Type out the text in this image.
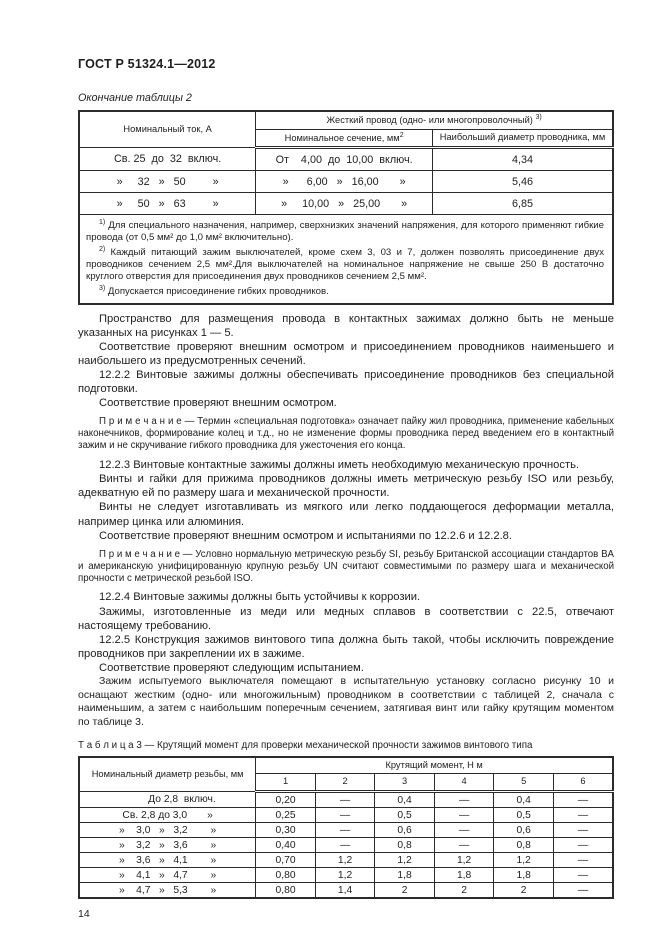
ГОСТ Р 51324.1—2012
Окончание таблицы 2
Номинальный ток, А	Жесткий провод (одно- или многопроволочный) $^{3)}$
	Номинальное сечение, $мм^2$	Наибольший диаметр проводника, мм
Св. 25  до  32  включ.	От    4,00  до  10,00  включ.	4,34
»     32   »   50         »	»      6,00   »   16,00       »	5,46
»     50   »   63         »	»     10,00   »   25,00       »	6,85

$^{1)}$ Для специального назначения, например, сверхнизких значений напряжения, для которого применяют гибкие провода (от 0,5 мм² до 1,0 мм² включительно).
$^{2)}$ Каждый питающий зажим выключателей, кроме схем 3, 03 и 7, должен позволять присоединение двух проводников сечением 2,5 мм².Для выключателей на номинальное напряжение не свыше 250 В достаточно круглого отверстия для присоединения двух проводников сечением 2,5 мм².
$^{3)}$ Допускается присоединение гибких проводников.		

Пространство для размещения провода в контактных зажимах должно быть не меньше указанных на рисунках 1 — 5.

Соответствие проверяют внешним осмотром и присоединением проводников наименьшего и наибольшего из предусмотренных сечений.

12.2.2 Винтовые зажимы должны обеспечивать присоединение проводников без специальной подготовки.

Соответствие проверяют внешним осмотром.

П р и м е ч а н и е — Термин «специальная подготовка» означает пайку жил проводника, применение кабельных наконечников, формирование колец и т.д., но не изменение формы проводника перед введением его в контактный зажим и не скручивание гибкого проводника для ужесточения его конца.

12.2.3 Винтовые контактные зажимы должны иметь необходимую механическую прочность.

Винты и гайки для прижима проводников должны иметь метрическую резьбу ISO или резьбу, адекватную ей по размеру шага и механической прочности.

Винты не следует изготавливать из мягкого или легко поддающегося деформации металла, например цинка или алюминия.

Соответствие проверяют внешним осмотром и испытаниями по 12.2.6 и 12.2.8.

П р и м е ч а н и е — Условно нормальную метрическую резьбу SI, резьбу Британской ассоциации стандартов BA и американскую унифицированную крупную резьбу UN считают совместимыми по размеру шага и механической прочности с метрической резьбой ISO.

12.2.4 Винтовые зажимы должны быть устойчивы к коррозии.

Зажимы, изготовленные из меди или медных сплавов в соответствии с 22.5, отвечают настоящему требованию.

12.2.5 Конструкция зажимов винтового типа должна быть такой, чтобы исключить повреждение проводников при закреплении их в зажиме.

Соответствие проверяют следующим испытанием.

Зажим испытуемого выключателя помещают в испытательную установку согласно рисунку 10 и оснащают жестким (одно- или многожильным) проводником в соответствии с таблицей 2, сначала с наименьшим, а затем с наибольшим поперечным сечением, затягивая винт или гайку крутящим моментом по таблице 3.

Т а б л и ц а 3 — Крутящий момент для проверки механической прочности зажимов винтового типа
Номинальный диаметр резьбы, мм	Крутящий момент, Н м					
	1	2	3	4	5	6
До 2,8  включ.	0,20	—	0,4	—	0,4	—
Св. 2,8 до 3,0       »	0,25	—	0,5	—	0,5	—
»    3,0   »   3,2        »	0,30	—	0,6	—	0,6	—
»    3,2   »   3,6        »	0,40	—	0,8	—	0,8	—
»    3,6   »   4,1        »	0,70	1,2	1,2	1,2	1,2	—
»    4,1   »   4,7        »	0,80	1,2	1,8	1,8	1,8	—
»    4,7   »   5,3        »	0,80	1,4	2	2	2	—
14
